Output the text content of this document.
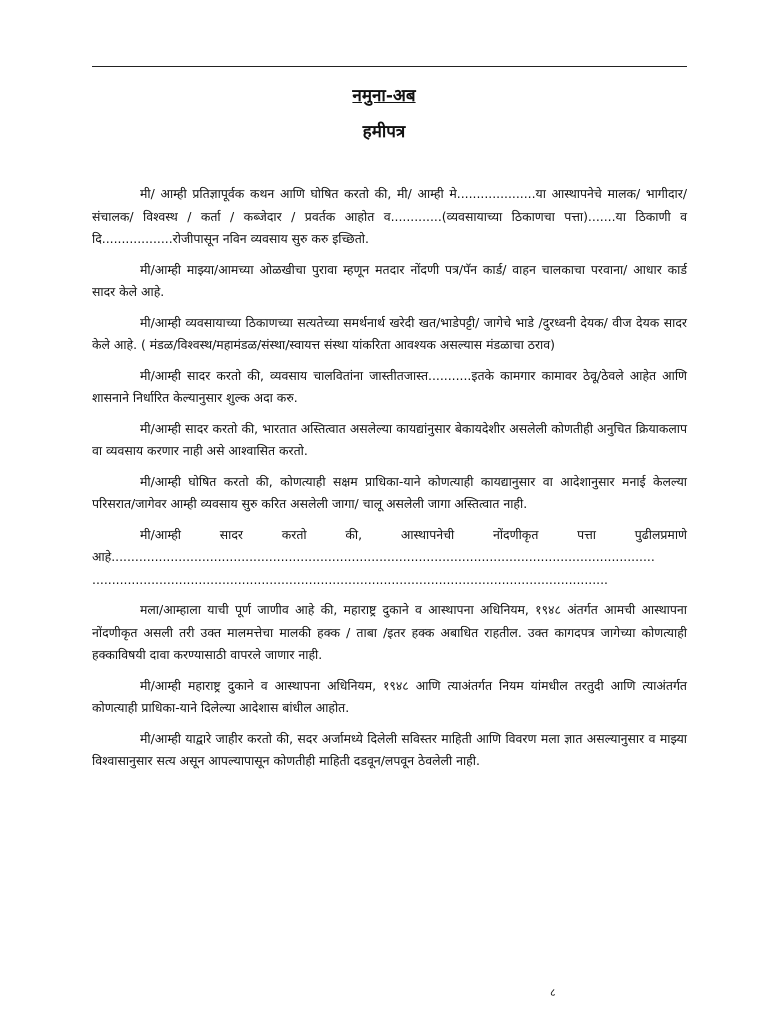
नमुना-अब
हमीपत्र

मी/ आम्ही प्रतिज्ञापूर्वक कथन आणि घोषित करतो की, मी/ आम्ही मे....................या आस्थापनेचे मालक/ भागीदार/ संचालक/ विश्वस्थ / कर्ता / कब्जेदार / प्रवर्तक आहोत व.............(व्यवसायाच्या ठिकाणचा पत्ता).......या ठिकाणी व दि..................रोजीपासून नविन व्यवसाय सुरु करु इच्छितो.

मी/आम्ही माझ्या/आमच्या ओळखीचा पुरावा म्हणून मतदार नोंदणी पत्र/पॅन कार्ड/ वाहन चालकाचा परवाना/ आधार कार्ड सादर केले आहे.

मी/आम्ही व्यवसायाच्या ठिकाणच्या सत्यतेच्या समर्थनार्थ खरेदी खत/भाडेपट्टी/ जागेचे भाडे /दुरध्वनी देयक/ वीज देयक सादर केले आहे. ( मंडळ/विश्वस्थ/महामंडळ/संस्था/स्वायत्त संस्था यांकरिता आवश्यक असल्यास मंडळाचा ठराव)

मी/आम्ही सादर करतो की, व्यवसाय चालवितांना जास्तीतजास्त...........इतके कामगार कामावर ठेवू/ठेवले आहेत आणि शासनाने निर्धारित केल्यानुसार शुल्क अदा करु.

मी/आम्ही सादर करतो की, भारतात अस्तित्वात असलेल्या कायद्यांनुसार बेकायदेशीर असलेली कोणतीही अनुचित क्रियाकलाप वा व्यवसाय करणार नाही असे आश्वासित करतो.

मी/आम्ही घोषित करतो की, कोणत्याही सक्षम प्राधिका-याने कोणत्याही कायद्यानुसार वा आदेशानुसार मनाई केलल्या परिसरात/जागेवर आम्ही व्यवसाय सुरु करित असलेली जागा/ चालू असलेली जागा अस्तित्वात नाही.

मी/आम्ही सादर करतो की, आस्थापनेची नोंदणीकृत पत्ता पुढीलप्रमाणे

आहे..........................................................................................................................................

...................................................................................................................................

मला/आम्हाला याची पूर्ण जाणीव आहे की, महाराष्ट्र दुकाने व आस्थापना अधिनियम, १९४८ अंतर्गत आमची आस्थापना नोंदणीकृत असली तरी उक्त मालमत्तेचा मालकी हक्क / ताबा /इतर हक्क अबाधित राहतील. उक्त कागदपत्र जागेच्या कोणत्याही हक्काविषयी दावा करण्यासाठी वापरले जाणार नाही.

मी/आम्ही महाराष्ट्र दुकाने व आस्थापना अधिनियम, १९४८ आणि त्याअंतर्गत नियम यांमधील तरतुदी आणि त्याअंतर्गत कोणत्याही प्राधिका-याने दिलेल्या आदेशास बांधील आहोत.

मी/आम्ही याद्वारे जाहीर करतो की, सदर अर्जामध्ये दिलेली सविस्तर माहिती आणि विवरण मला ज्ञात असल्यानुसार व माझ्या विश्वासानुसार सत्य असून आपल्यापासून कोणतीही माहिती दडवून/लपवून ठेवलेली नाही.

८
